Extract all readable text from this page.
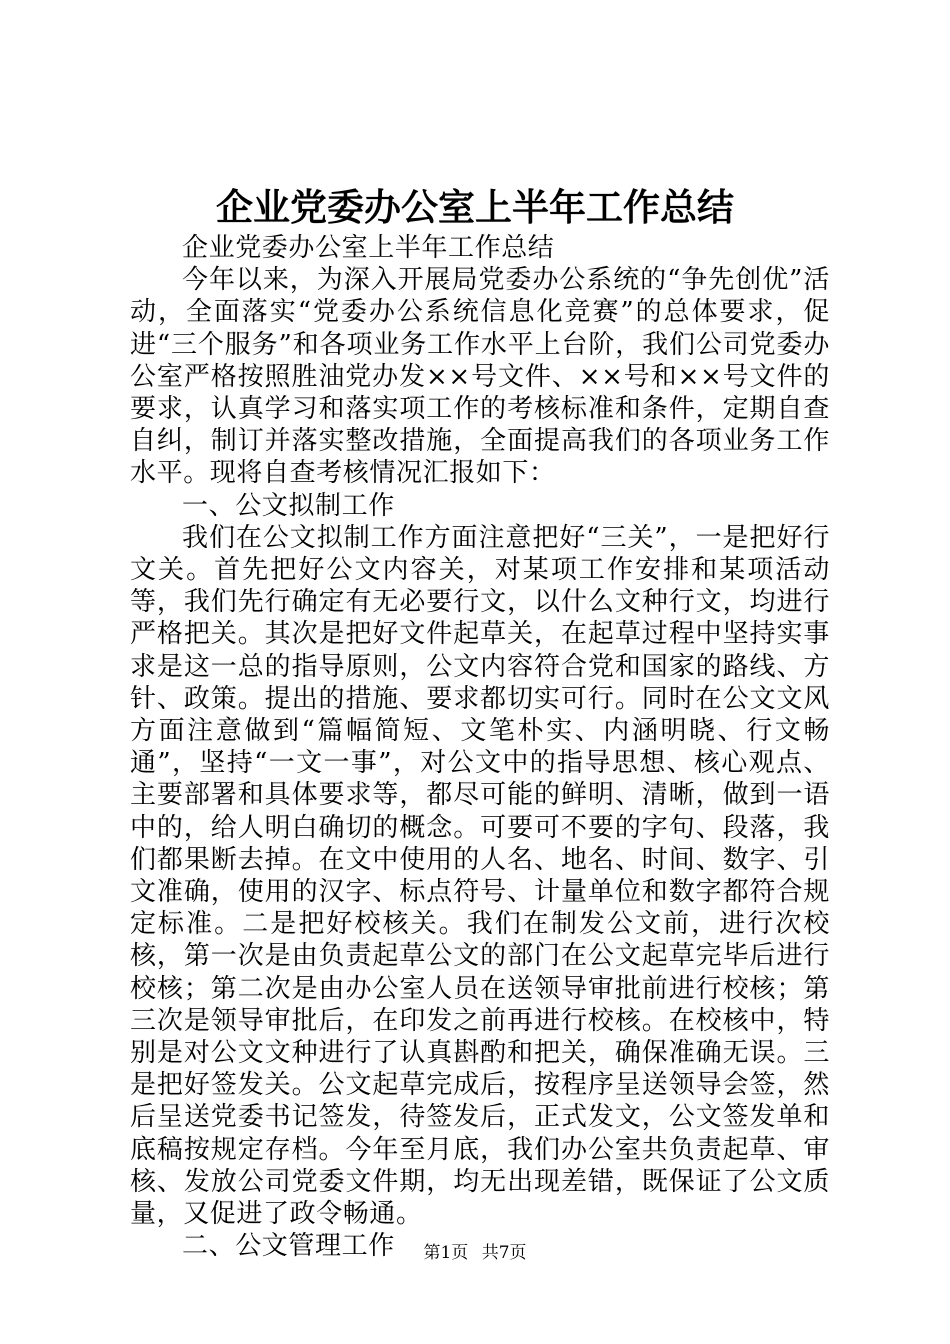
企业党委办公室上半年工作总结

企业党委办公室上半年工作总结

今年以来，为深入开展局党委办公系统的“争先创优”活动，全面落实“党委办公系统信息化竞赛”的总体要求，促进“三个服务”和各项业务工作水平上台阶，我们公司党委办公室严格按照胜油党办发××号文件、××号和××号文件的要求，认真学习和落实项工作的考核标准和条件，定期自查自纠，制订并落实整改措施，全面提高我们的各项业务工作水平。现将自查考核情况汇报如下：

一、公文拟制工作

我们在公文拟制工作方面注意把好“三关”，一是把好行文关。首先把好公文内容关，对某项工作安排和某项活动等，我们先行确定有无必要行文，以什么文种行文，均进行严格把关。其次是把好文件起草关，在起草过程中坚持实事求是这一总的指导原则，公文内容符合党和国家的路线、方针、政策。提出的措施、要求都切实可行。同时在公文文风方面注意做到“篇幅简短、文笔朴实、内涵明晓、行文畅通”，坚持“一文一事”，对公文中的指导思想、核心观点、主要部署和具体要求等，都尽可能的鲜明、清晰，做到一语中的，给人明白确切的概念。可要可不要的字句、段落，我们都果断去掉。在文中使用的人名、地名、时间、数字、引文准确，使用的汉字、标点符号、计量单位和数字都符合规定标准。二是把好校核关。我们在制发公文前，进行次校核，第一次是由负责起草公文的部门在公文起草完毕后进行校核；第二次是由办公室人员在送领导审批前进行校核；第三次是领导审批后，在印发之前再进行校核。在校核中，特别是对公文文种进行了认真斟酌和把关，确保准确无误。三是把好签发关。公文起草完成后，按程序呈送领导会签，然后呈送党委书记签发，待签发后，正式发文，公文签发单和底稿按规定存档。今年至月底，我们办公室共负责起草、审核、发放公司党委文件期，均无出现差错，既保证了公文质量，又促进了政令畅通。

二、公文管理工作	第1页 共7页
